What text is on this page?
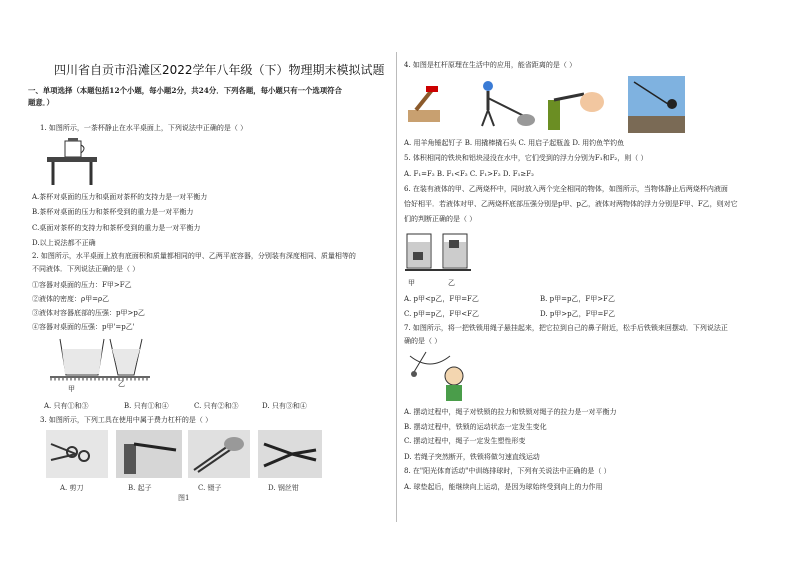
四川省自贡市沿滩区2022学年八年级（下）物理期末模拟试题
一、单项选择（本题包括12个小题，每小题2分，共24分．下列各题，每小题只有一个选项符合
题意．）
1. 如图所示，一茶杯静止在水平桌面上，下列说法中正确的是（ ）
A.茶杯对桌面的压力和桌面对茶杯的支持力是一对平衡力
B.茶杯对桌面的压力和茶杯受到的重力是一对平衡力
C.桌面对茶杯的支持力和茶杯受到的重力是一对平衡力
D.以上说法都不正确
2. 如图所示，水平桌面上放有底面积和质量都相同的甲、乙两平底容器，分别装有深度相同、质量相等的
不同液体．下列说法正确的是（ ）
①容器对桌面的压力：F甲>F乙
②液体的密度：ρ甲=ρ乙
③液体对容器底部的压强：p甲>p乙
④容器对桌面的压强：p甲'=p乙'
甲
乙
A. 只有①和③	B. 只有①和④	C. 只有②和③	D. 只有③和④
3. 如图所示，下列工具在使用中属于费力杠杆的是（ ）
A. 剪刀	B. 起子	C. 镊子	D. 钢丝钳
图1
4. 如图是杠杆原理在生活中的应用，能省距离的是（ ）
A. 用羊角锤起钉子 B. 用撬棒撬石头 C. 用启子起瓶盖 D. 用钓鱼竿钓鱼
5. 体积相同的铁块和铝块浸没在水中，它们受到的浮力分别为F₁和F₂，则（ ）
A. F₁=F₂ B. F₁<F₂ C. F₁>F₂ D. F₁≥F₂
6. 在装有液体的甲、乙两烧杯中，同时放入两个完全相同的物体，如图所示，当物体静止后两烧杯内液面
恰好相平．若液体对甲、乙两烧杯底部压强分别是p甲、p乙，液体对两物体的浮力分别是F甲、F乙，则对它
们的判断正确的是（ ）
甲	乙
A. p甲<p乙，F甲=F乙	B. p甲=p乙，F甲>F乙
C. p甲=p乙，F甲<F乙	D. p甲>p乙，F甲=F乙
7. 如图所示，将一把铁锁用绳子悬挂起来，把它拉到自己的鼻子附近，松手后铁锁来回摆动．下列说法正
确的是（ ）
A. 摆动过程中，绳子对铁锁的拉力和铁锁对绳子的拉力是一对平衡力
B. 摆动过程中，铁锁的运动状态一定发生变化
C. 摆动过程中，绳子一定发生塑性形变
D. 若绳子突然断开，铁锁将做匀速直线运动
8. 在"阳光体育活动"中训练排球时，下列有关说法中正确的是（ ）
A. 球垫起后，能继续向上运动，是因为球始终受到向上的力作用
